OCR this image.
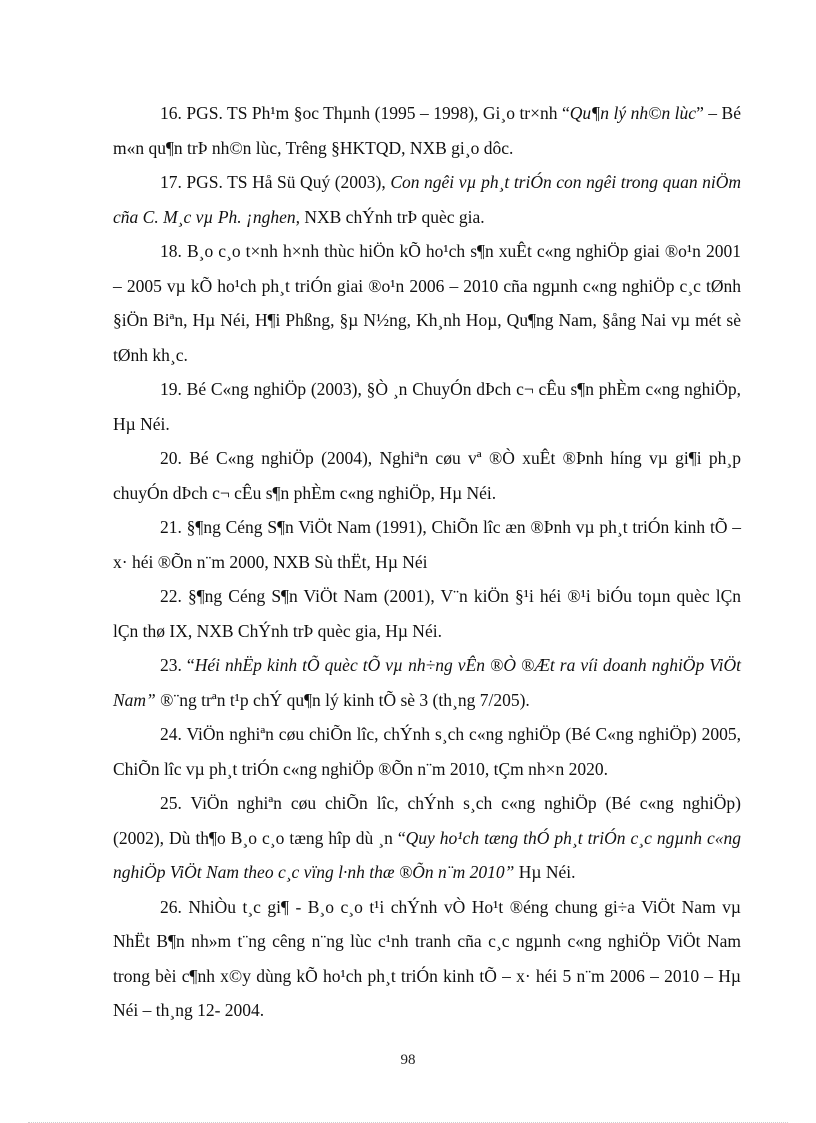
16. PGS. TS Ph¹m §oc Thµnh (1995 – 1998), Gi¸o tr×nh “Qu¶n lý nh©n lùc” – Bé m«n qu¶n trÞ nh©n lùc, Trêng §HKTQD, NXB gi¸o dôc.

17. PGS. TS Hå Sü Quý (2003), Con ngêi vµ ph¸t triÓn con ngêi trong quan niÖm cña C. M¸c vµ Ph. ¡nghen, NXB chÝnh trÞ quèc gia.

18. B¸o c¸o t×nh h×nh thùc hiÖn kÕ ho¹ch s¶n xuÊt c«ng nghiÖp giai ®o¹n 2001 – 2005 vµ kÕ ho¹ch ph¸t triÓn giai ®o¹n 2006 – 2010 cña ngµnh c«ng nghiÖp c¸c tØnh §iÖn Biªn, Hµ Néi, H¶i Phßng, §µ N½ng, Kh¸nh Hoµ, Qu¶ng Nam, §ång Nai vµ mét sè tØnh kh¸c.

19. Bé C«ng nghiÖp (2003), §Ò ¸n ChuyÓn dÞch c¬ cÊu s¶n phÈm c«ng nghiÖp, Hµ Néi.

20. Bé C«ng nghiÖp (2004), Nghiªn cøu vª ®Ò xuÊt ®Þnh híng vµ gi¶i ph¸p chuyÓn dÞch c¬ cÊu s¶n phÈm c«ng nghiÖp, Hµ Néi.

21. §¶ng Céng S¶n ViÖt Nam (1991), ChiÕn lîc æn ®Þnh vµ ph¸t triÓn kinh tÕ – x· héi ®Õn n¨m 2000, NXB Sù thËt, Hµ Néi

22. §¶ng Céng S¶n ViÖt Nam (2001), V¨n kiÖn §¹i héi ®¹i biÓu toµn quèc lÇn lÇn thø IX, NXB ChÝnh trÞ quèc gia, Hµ Néi.

23. “Héi nhËp kinh tÕ quèc tÕ vµ nh÷ng vÊn ®Ò ®Æt ra víi doanh nghiÖp ViÖt Nam” ®¨ng trªn t¹p chÝ qu¶n lý kinh tÕ sè 3 (th¸ng 7/205).

24. ViÖn nghiªn cøu chiÕn lîc, chÝnh s¸ch c«ng nghiÖp (Bé C«ng nghiÖp) 2005, ChiÕn lîc vµ ph¸t triÓn c«ng nghiÖp ®Õn n¨m 2010, tÇm nh×n 2020.

25. ViÖn nghiªn cøu chiÕn lîc, chÝnh s¸ch c«ng nghiÖp (Bé c«ng nghiÖp) (2002), Dù th¶o B¸o c¸o tæng hîp dù ¸n “Quy ho¹ch tæng thÓ ph¸t triÓn c¸c ngµnh c«ng nghiÖp ViÖt Nam theo c¸c vïng l·nh thæ ®Õn n¨m 2010” Hµ Néi.

26. NhiÒu t¸c gi¶ - B¸o c¸o t¹i chÝnh vÒ Ho¹t ®éng chung gi÷a ViÖt Nam vµ NhËt B¶n nh»m t¨ng cêng n¨ng lùc c¹nh tranh cña c¸c ngµnh c«ng nghiÖp ViÖt Nam trong bèi c¶nh x©y dùng kÕ ho¹ch ph¸t triÓn kinh tÕ – x· héi 5 n¨m 2006 – 2010 – Hµ Néi – th¸ng 12- 2004.

98
